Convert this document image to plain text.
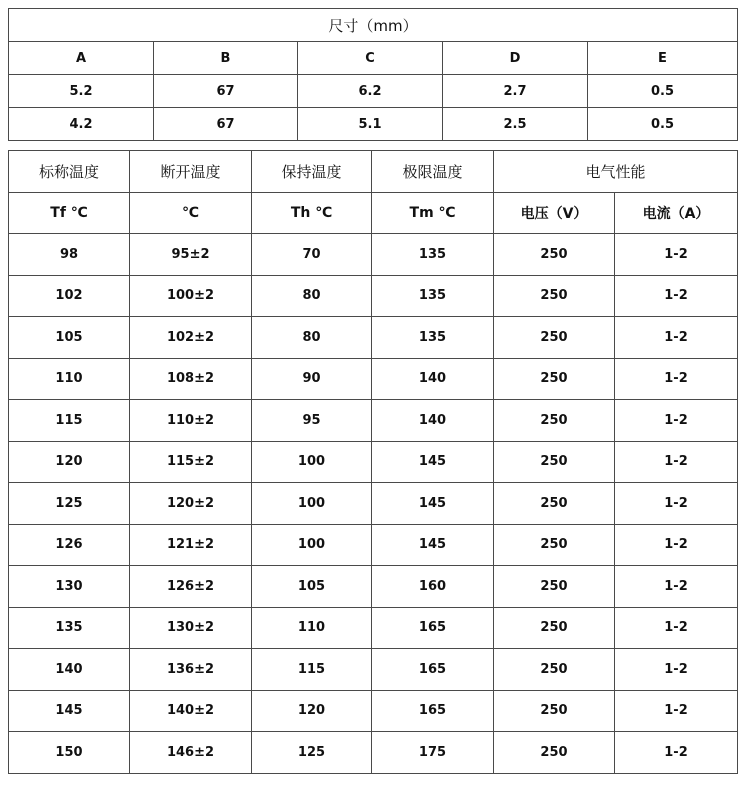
尺寸（mm）				
A	B	C	D	E
5.2	67	6.2	2.7	0.5
4.2	67	5.1	2.5	0.5
标称温度	断开温度	保持温度	极限温度	电气性能	
Tf ℃	℃	Th ℃	Tm ℃	电压（V）	电流（A）
98	95±2	70	135	250	1-2
102	100±2	80	135	250	1-2
105	102±2	80	135	250	1-2
110	108±2	90	140	250	1-2
115	110±2	95	140	250	1-2
120	115±2	100	145	250	1-2
125	120±2	100	145	250	1-2
126	121±2	100	145	250	1-2
130	126±2	105	160	250	1-2
135	130±2	110	165	250	1-2
140	136±2	115	165	250	1-2
145	140±2	120	165	250	1-2
150	146±2	125	175	250	1-2
